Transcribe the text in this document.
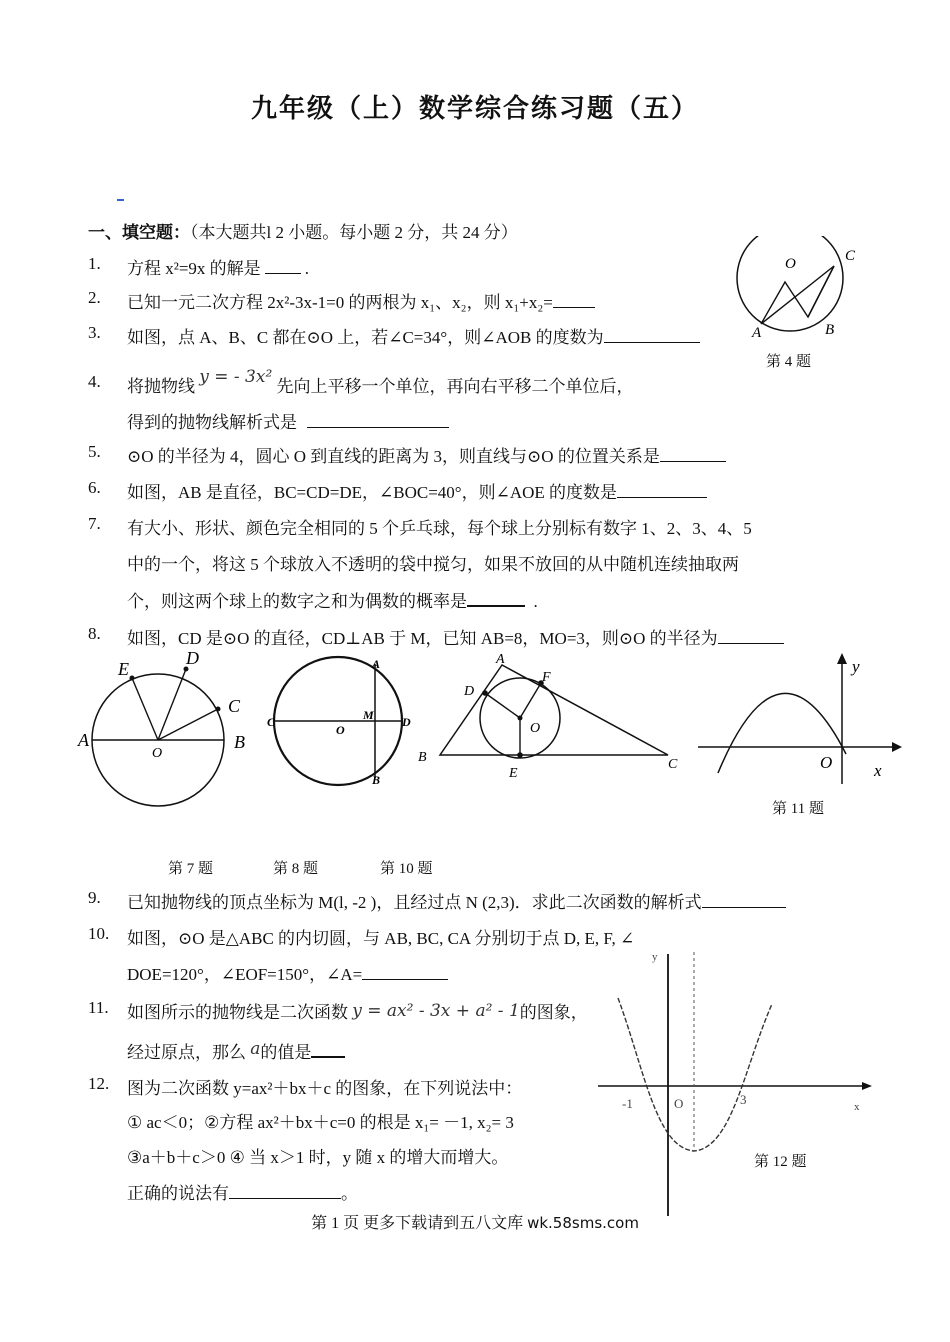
九年级（上）数学综合练习题（五）
一、填空题：（本大题共l 2 小题。每小题 2 分，共 24 分）
1. 方程 x²=9x 的解是	.
2. 已知一元二次方程 2x²-3x-1=0 的两根为 x₁、x₂，则 x₁+x₂=
3. 如图，点 A、B、C 都在⊙O 上，若∠C=34°，则∠AOB 的度数为
4. 将抛物线 y = - 3x² 先向上平移一个单位，再向右平移二个单位后，
得到的抛物线解析式是
5. ⊙O 的半径为 4，圆心 O 到直线的距离为 3，则直线与⊙O 的位置关系是
6. 如图，AB 是直径，BC=CD=DE，∠BOC=40°，则∠AOE 的度数是
7. 有大小、形状、颜色完全相同的 5 个乒乓球，每个球上分别标有数字 1、2、3、4、5
中的一个，将这 5 个球放入不透明的袋中搅匀，如果不放回的从中随机连续抽取两
个，则这两个球上的数字之和为偶数的概率是	.
8. 如图，CD 是⊙O 的直径，CD⊥AB 于 M，已知 AB=8，MO=3，则⊙O 的半径为
O	C
A	B
第 4 题
E
D
C
A
O
B
A
C
O
M D
B
A
F
D
O
B
E
C
y
O x
第 11 题
第 7 题	第 8 题	第 10 题
9. 已知抛物线的顶点坐标为 M(l, -2 )，且经过点 N (2,3)．求此二次函数的解析式
10. 如图，⊙O 是△ABC 的内切圆，与 AB, BC, CA 分别切于点 D, E, F, ∠
DOE=120°，∠EOF=150°，∠A=
y
-1	O	3	x
第 12 题
11. 如图所示的抛物线是二次函数 y = ax² - 3x + a² - 1的图象，
经过原点，那么 a的值是
12. 图为二次函数 y=ax²＋bx＋c 的图象，在下列说法中：
① ac＜0；②方程 ax²＋bx＋c=0 的根是 x₁= －1, x₂= 3
③a＋b＋c＞0 ④ 当 x＞1 时，y 随 x 的增大而增大。
正确的说法有	。
第 1 页 更多下载请到五八文库 wk.58sms.com
